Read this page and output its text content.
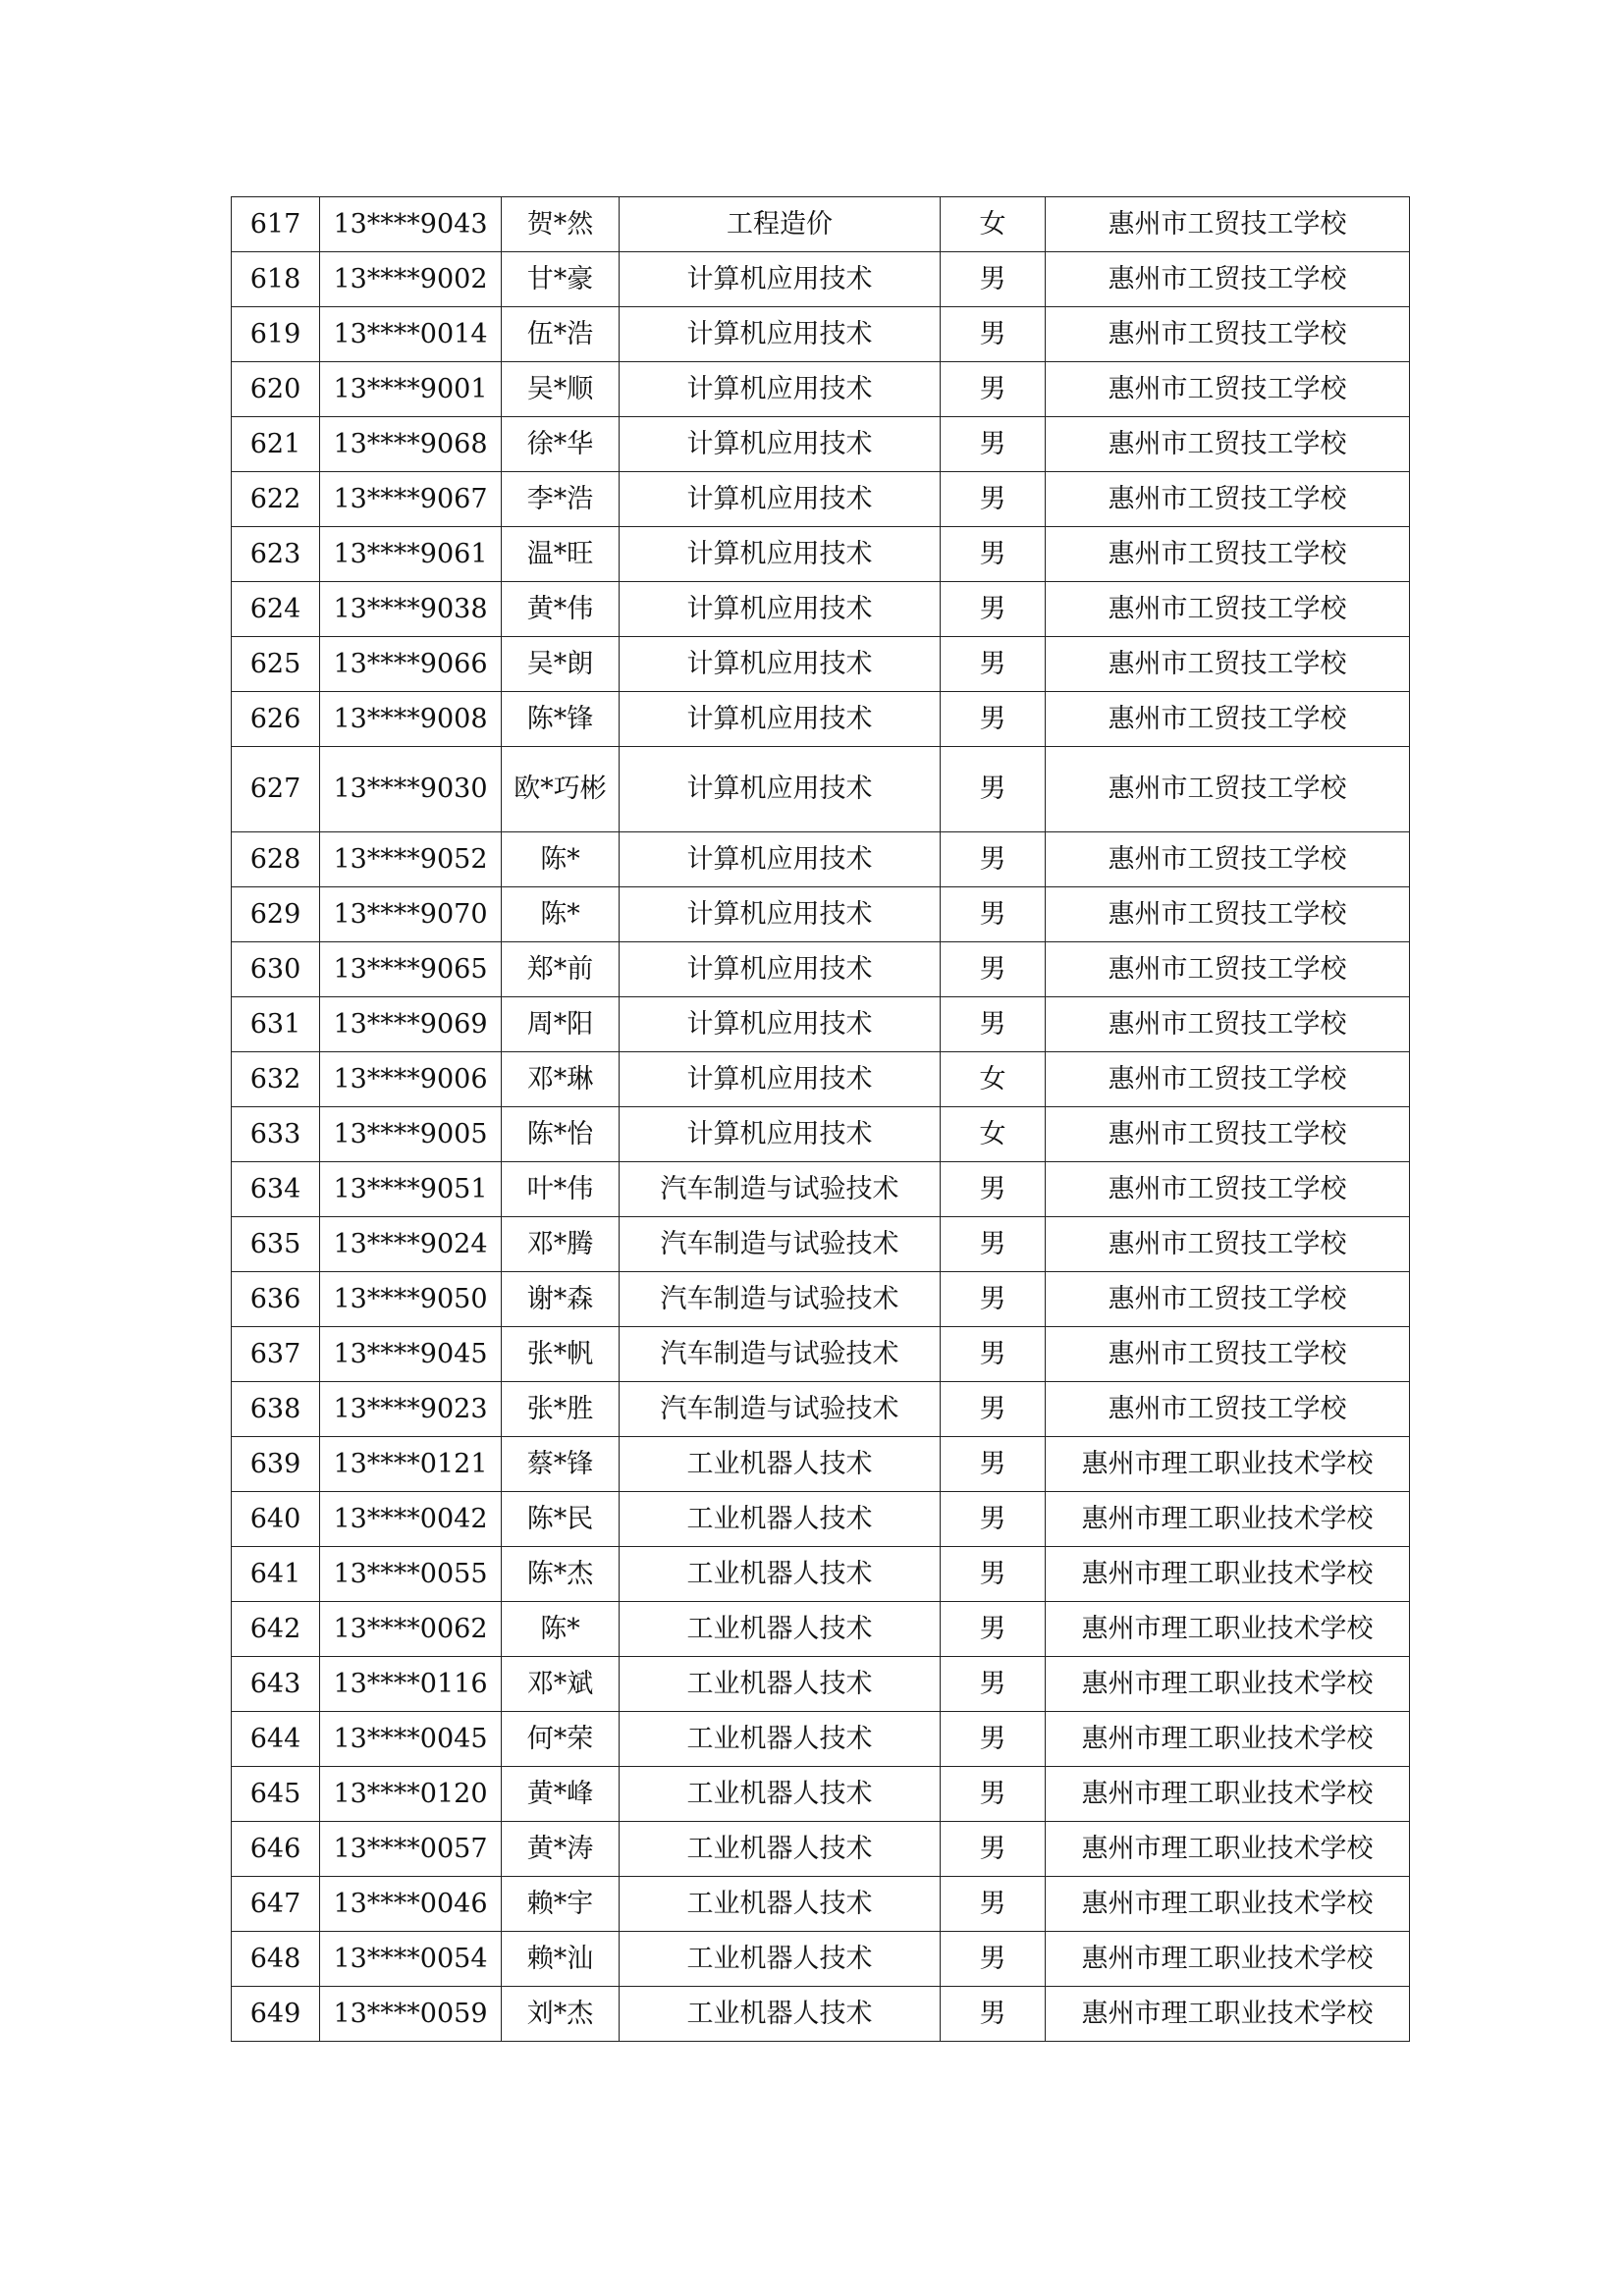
617	13****9043	贺*然	工程造价	女	惠州市工贸技工学校
618	13****9002	甘*豪	计算机应用技术	男	惠州市工贸技工学校
619	13****0014	伍*浩	计算机应用技术	男	惠州市工贸技工学校
620	13****9001	吴*顺	计算机应用技术	男	惠州市工贸技工学校
621	13****9068	徐*华	计算机应用技术	男	惠州市工贸技工学校
622	13****9067	李*浩	计算机应用技术	男	惠州市工贸技工学校
623	13****9061	温*旺	计算机应用技术	男	惠州市工贸技工学校
624	13****9038	黄*伟	计算机应用技术	男	惠州市工贸技工学校
625	13****9066	吴*朗	计算机应用技术	男	惠州市工贸技工学校
626	13****9008	陈*锋	计算机应用技术	男	惠州市工贸技工学校
627	13****9030	欧*巧彬	计算机应用技术	男	惠州市工贸技工学校
628	13****9052	陈*	计算机应用技术	男	惠州市工贸技工学校
629	13****9070	陈*	计算机应用技术	男	惠州市工贸技工学校
630	13****9065	郑*前	计算机应用技术	男	惠州市工贸技工学校
631	13****9069	周*阳	计算机应用技术	男	惠州市工贸技工学校
632	13****9006	邓*琳	计算机应用技术	女	惠州市工贸技工学校
633	13****9005	陈*怡	计算机应用技术	女	惠州市工贸技工学校
634	13****9051	叶*伟	汽车制造与试验技术	男	惠州市工贸技工学校
635	13****9024	邓*腾	汽车制造与试验技术	男	惠州市工贸技工学校
636	13****9050	谢*森	汽车制造与试验技术	男	惠州市工贸技工学校
637	13****9045	张*帆	汽车制造与试验技术	男	惠州市工贸技工学校
638	13****9023	张*胜	汽车制造与试验技术	男	惠州市工贸技工学校
639	13****0121	蔡*锋	工业机器人技术	男	惠州市理工职业技术学校
640	13****0042	陈*民	工业机器人技术	男	惠州市理工职业技术学校
641	13****0055	陈*杰	工业机器人技术	男	惠州市理工职业技术学校
642	13****0062	陈*	工业机器人技术	男	惠州市理工职业技术学校
643	13****0116	邓*斌	工业机器人技术	男	惠州市理工职业技术学校
644	13****0045	何*荣	工业机器人技术	男	惠州市理工职业技术学校
645	13****0120	黄*峰	工业机器人技术	男	惠州市理工职业技术学校
646	13****0057	黄*涛	工业机器人技术	男	惠州市理工职业技术学校
647	13****0046	赖*宇	工业机器人技术	男	惠州市理工职业技术学校
648	13****0054	赖*汕	工业机器人技术	男	惠州市理工职业技术学校
649	13****0059	刘*杰	工业机器人技术	男	惠州市理工职业技术学校
